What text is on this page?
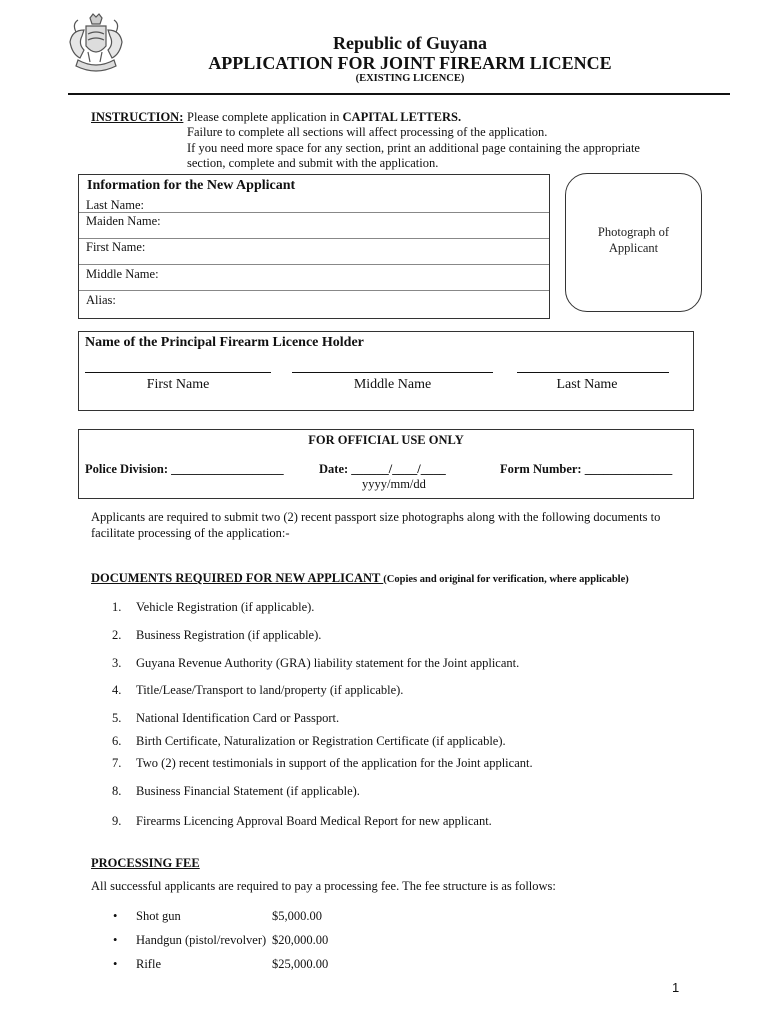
Republic of Guyana
APPLICATION FOR JOINT FIREARM LICENCE
(EXISTING LICENCE)
INSTRUCTION: Please complete application in CAPITAL LETTERS.
Failure to complete all sections will affect processing of the application.
If you need more space for any section, print an additional page containing the appropriate
section, complete and submit with the application.
Information for the New Applicant
Last Name:
Maiden Name:
First Name:
Middle Name:
Alias:
Photograph of
Applicant
Name of the Principal Firearm Licence Holder
First Name	Middle Name	Last Name
FOR OFFICIAL USE ONLY
Police Division: __________________	Date: ______/____/____
yyyy/mm/dd
Form Number: ______________
Applicants are required to submit two (2) recent passport size photographs along with the following documents to
facilitate processing of the application:-
DOCUMENTS REQUIRED FOR NEW APPLICANT (Copies and original for verification, where applicable)
1. Vehicle Registration (if applicable).
2. Business Registration (if applicable).
3. Guyana Revenue Authority (GRA) liability statement for the Joint applicant.
4. Title/Lease/Transport to land/property (if applicable).
5. National Identification Card or Passport.
6. Birth Certificate, Naturalization or Registration Certificate (if applicable).
7. Two (2) recent testimonials in support of the application for the Joint applicant.
8. Business Financial Statement (if applicable).
9. Firearms Licencing Approval Board Medical Report for new applicant.
PROCESSING FEE
All successful applicants are required to pay a processing fee. The fee structure is as follows:
• Shot gun	$5,000.00
• Handgun (pistol/revolver) $20,000.00
• Rifle	$25,000.00
1
